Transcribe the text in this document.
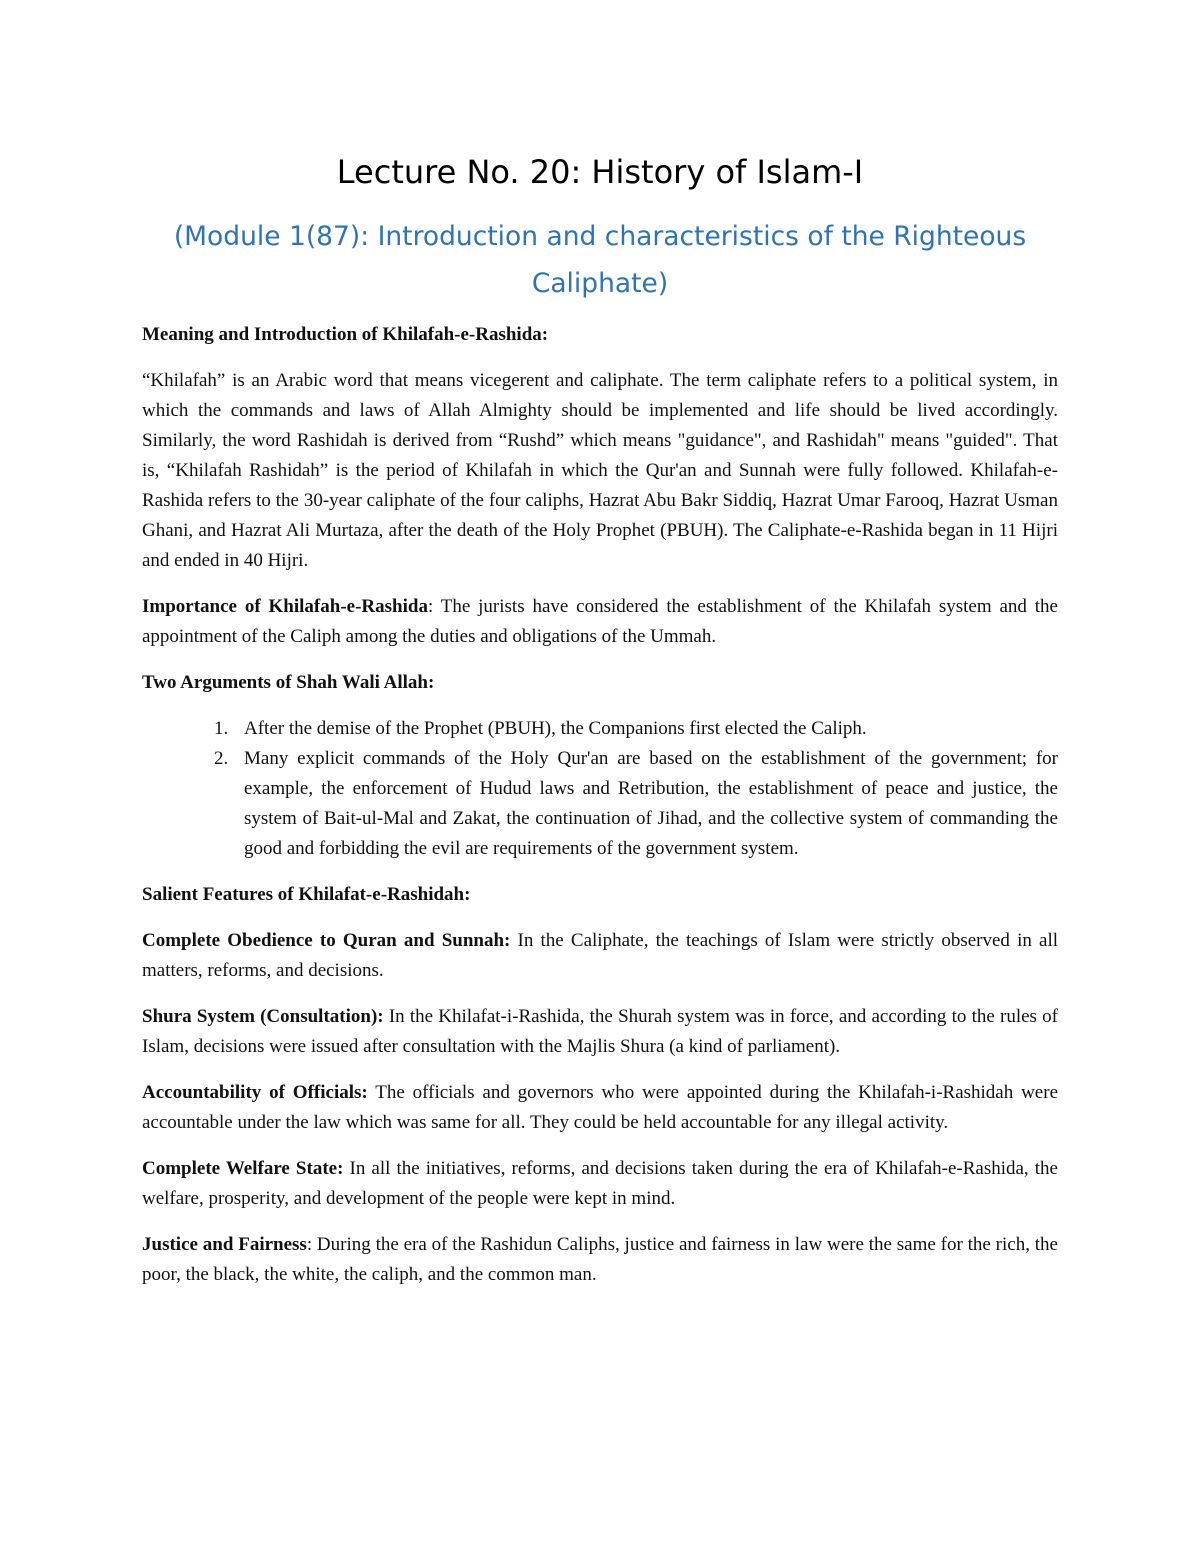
Lecture No. 20: History of Islam-I
(Module 1(87): Introduction and characteristics of the Righteous Caliphate)
Meaning and Introduction of Khilafah-e-Rashida:

“Khilafah” is an Arabic word that means vicegerent and caliphate. The term caliphate refers to a political system, in which the commands and laws of Allah Almighty should be implemented and life should be lived accordingly. Similarly, the word Rashidah is derived from “Rushd” which means "guidance", and Rashidah" means "guided". That is, “Khilafah Rashidah” is the period of Khilafah in which the Qur'an and Sunnah were fully followed. Khilafah-e-Rashida refers to the 30-year caliphate of the four caliphs, Hazrat Abu Bakr Siddiq, Hazrat Umar Farooq, Hazrat Usman Ghani, and Hazrat Ali Murtaza, after the death of the Holy Prophet (PBUH). The Caliphate-e-Rashida began in 11 Hijri and ended in 40 Hijri.

Importance of Khilafah-e-Rashida: The jurists have considered the establishment of the Khilafah system and the appointment of the Caliph among the duties and obligations of the Ummah.

Two Arguments of Shah Wali Allah:
1. After the demise of the Prophet (PBUH), the Companions first elected the Caliph.
2. Many explicit commands of the Holy Qur'an are based on the establishment of the government; for example, the enforcement of Hudud laws and Retribution, the establishment of peace and justice, the system of Bait-ul-Mal and Zakat, the continuation of Jihad, and the collective system of commanding the good and forbidding the evil are requirements of the government system.
Salient Features of Khilafat-e-Rashidah:

Complete Obedience to Quran and Sunnah: In the Caliphate, the teachings of Islam were strictly observed in all matters, reforms, and decisions.

Shura System (Consultation): In the Khilafat-i-Rashida, the Shurah system was in force, and according to the rules of Islam, decisions were issued after consultation with the Majlis Shura (a kind of parliament).

Accountability of Officials: The officials and governors who were appointed during the Khilafah-i-Rashidah were accountable under the law which was same for all. They could be held accountable for any illegal activity.

Complete Welfare State: In all the initiatives, reforms, and decisions taken during the era of Khilafah-e-Rashida, the welfare, prosperity, and development of the people were kept in mind.

Justice and Fairness: During the era of the Rashidun Caliphs, justice and fairness in law were the same for the rich, the poor, the black, the white, the caliph, and the common man.
